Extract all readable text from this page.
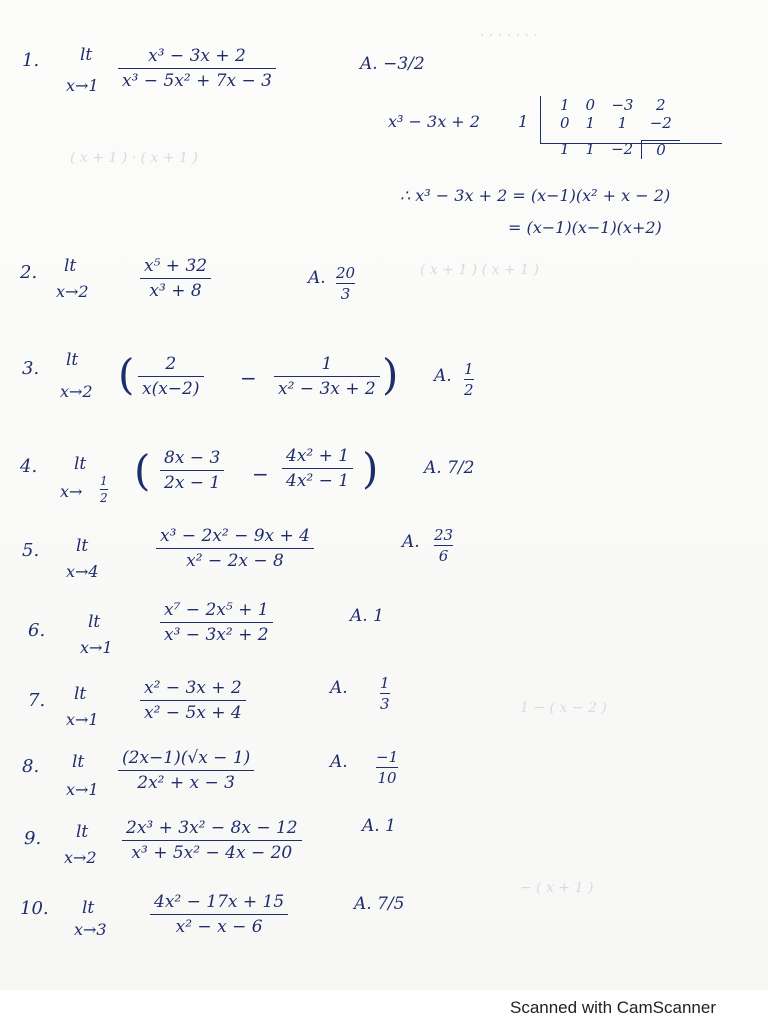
· · · · · · ·
( x + 1 ) · ( x + 1 )
( x + 1 ) ( x + 1 )
1 − ( x − 2 )
− ( x + 1 )
1. lt
x→1
x³ − 3x + 2
x³ − 5x² + 7x − 3
A. −3/2
x³ − 3x + 2 1
1	0	−3	2
0	1	1	−2

1	1	−2	0
∴ x³ − 3x + 2 = (x−1)(x² + x − 2)
= (x−1)(x−1)(x+2)
2. lt
x→2
x⁵ + 32
x³ + 8
A. 20
3
3. lt
x→2 (	2
x(x−2) −
1
x² − 3x + 2 ) A. 1
2
4. lt
x→
1
2
( 8x − 3
2x − 1 −
4x² + 1
4x² − 1 )	A. 7/2
5. lt
x→4
x³ − 2x² − 9x + 4
x² − 2x − 8
A. 23
6
6.	lt
x→1
x⁷ − 2x⁵ + 1
x³ − 3x² + 2
A. 1
7. lt
x→1
x² − 3x + 2
x² − 5x + 4
A. 1
3
8. lt
x→1
(2x−1)(√x − 1)
2x² + x − 3
A. −1
10
9. lt
x→2
2x³ + 3x² − 8x − 12
x³ + 5x² − 4x − 20
A. 1
10. lt
x→3
4x² − 17x + 15
x² − x − 6
A. 7/5
Scanned with CamScanner
